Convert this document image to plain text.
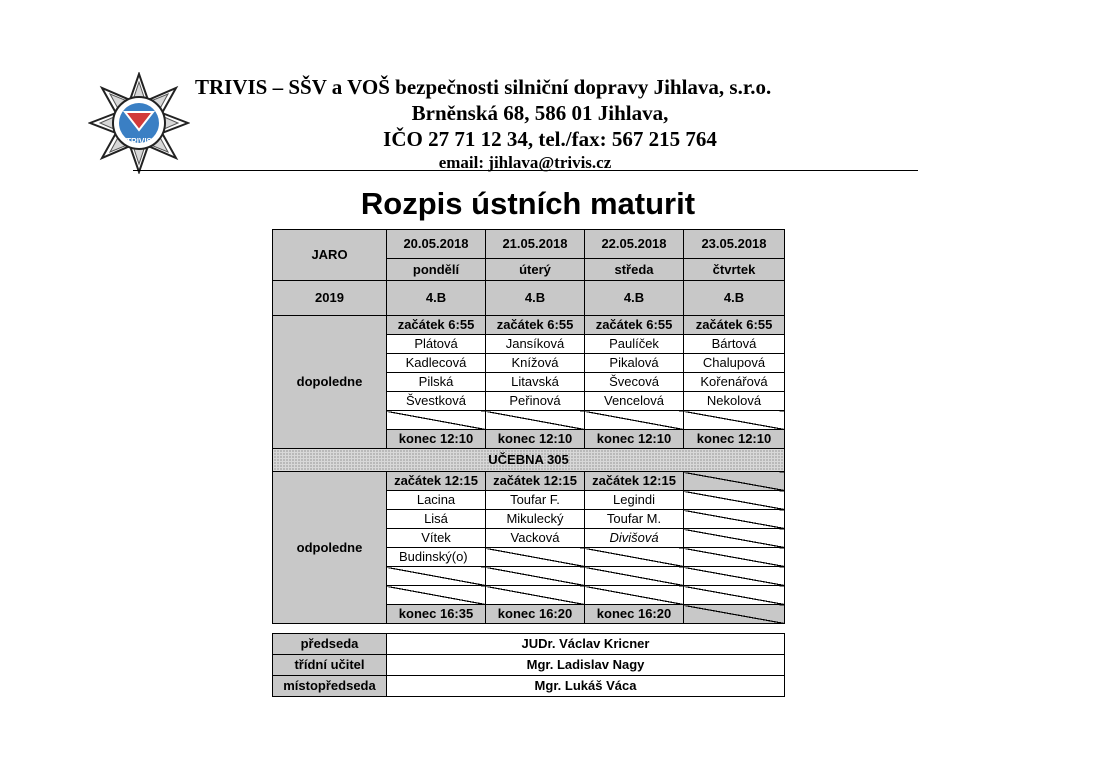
TRIVIS
TRIVIS – SŠV a VOŠ bezpečnosti silniční dopravy Jihlava, s.r.o.
Brněnská 68, 586 01 Jihlava,
IČO 27 71 12 34, tel./fax: 567 215 764
email: jihlava@trivis.cz
Rozpis ústních maturit
JARO	20.05.2018	21.05.2018	22.05.2018	23.05.2018
	pondělí	úterý	středa	čtvrtek
2019	4.B	4.B	4.B	4.B
dopoledne	začátek 6:55	začátek 6:55	začátek 6:55	začátek 6:55
	Plátová	Jansíková	Paulíček	Bártová
	Kadlecová	Knížová	Pikalová	Chalupová
	Pilská	Litavská	Švecová	Kořenářová
	Švestková	Peřinová	Vencelová	Nekolová

	konec 12:10	konec 12:10	konec 12:10	konec 12:10
UČEBNA 305				
odpoledne	začátek 12:15	začátek 12:15	začátek 12:15	
	Lacina	Toufar F.	Legindi	
	Lisá	Mikulecký	Toufar M.	
	Vítek	Vacková	Divišová	
	Budinský(o)			

	konec 16:35	konec 16:20	konec 16:20	
předseda	JUDr. Václav Kricner
třídní učitel	Mgr. Ladislav Nagy
místopředseda	Mgr. Lukáš Váca
